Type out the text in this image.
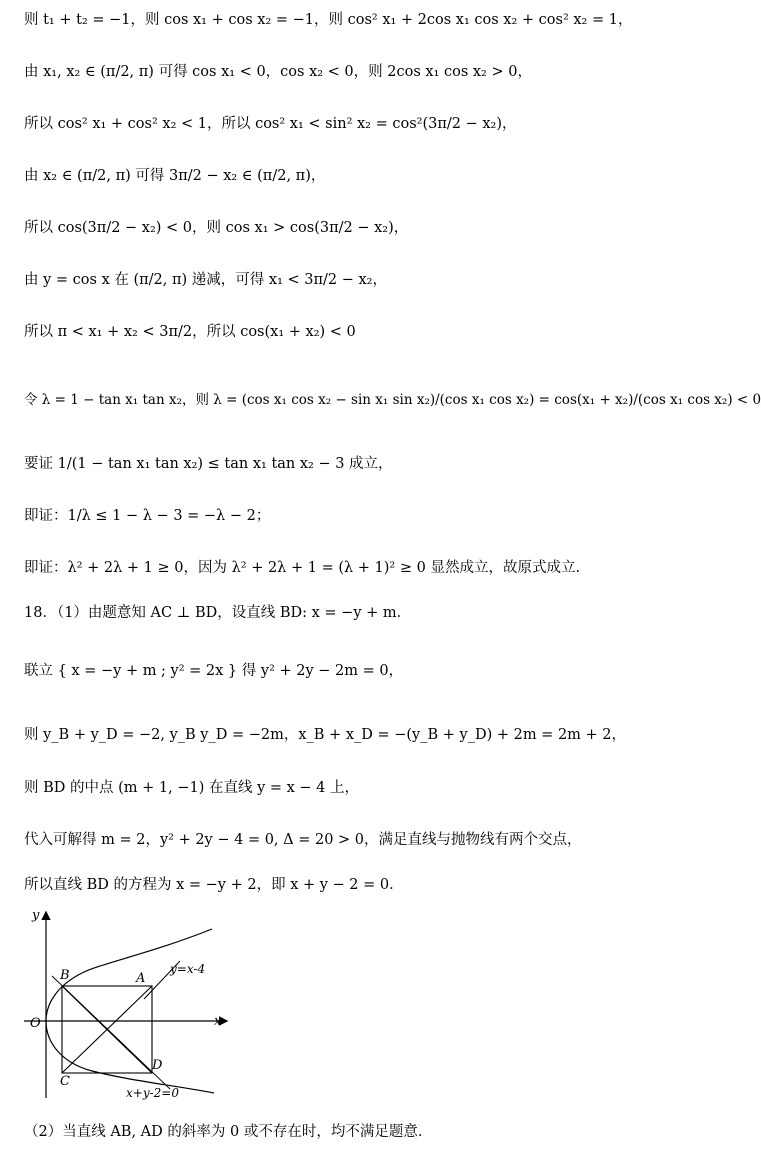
则 t₁ + t₂ = −1，则 cos x₁ + cos x₂ = −1，则 cos² x₁ + 2cos x₁ cos x₂ + cos² x₂ = 1，
由 x₁, x₂ ∈ (π/2, π) 可得 cos x₁ < 0，cos x₂ < 0，则 2cos x₁ cos x₂ > 0，
所以 cos² x₁ + cos² x₂ < 1，所以 cos² x₁ < sin² x₂ = cos²(3π/2 − x₂)，
由 x₂ ∈ (π/2, π) 可得 3π/2 − x₂ ∈ (π/2, π)，
所以 cos(3π/2 − x₂) < 0，则 cos x₁ > cos(3π/2 − x₂)，
由 y = cos x 在 (π/2, π) 递减，可得 x₁ < 3π/2 − x₂，
所以 π < x₁ + x₂ < 3π/2，所以 cos(x₁ + x₂) < 0
令 λ = 1 − tan x₁ tan x₂，则 λ = (cos x₁ cos x₂ − sin x₁ sin x₂)/(cos x₁ cos x₂) = cos(x₁ + x₂)/(cos x₁ cos x₂) < 0
要证 1/(1 − tan x₁ tan x₂) ≤ tan x₁ tan x₂ − 3 成立，
即证：1/λ ≤ 1 − λ − 3 = −λ − 2；
即证：λ² + 2λ + 1 ≥ 0，因为 λ² + 2λ + 1 = (λ + 1)² ≥ 0 显然成立，故原式成立.
18．（1）由题意知 AC ⊥ BD，设直线 BD: x = −y + m．
联立 { x = −y + m ; y² = 2x } 得 y² + 2y − 2m = 0，
则 y_B + y_D = −2, y_B y_D = −2m，x_B + x_D = −(y_B + y_D) + 2m = 2m + 2，
则 BD 的中点 (m + 1, −1) 在直线 y = x − 4 上，
代入可解得 m = 2，y² + 2y − 4 = 0, Δ = 20 > 0，满足直线与抛物线有两个交点，
所以直线 BD 的方程为 x = −y + 2，即 x + y − 2 = 0．
（2）当直线 AB, AD 的斜率为 0 或不存在时，均不满足题意．
y
x
O
B	A
C
D
y=x-4
x+y-2=0
